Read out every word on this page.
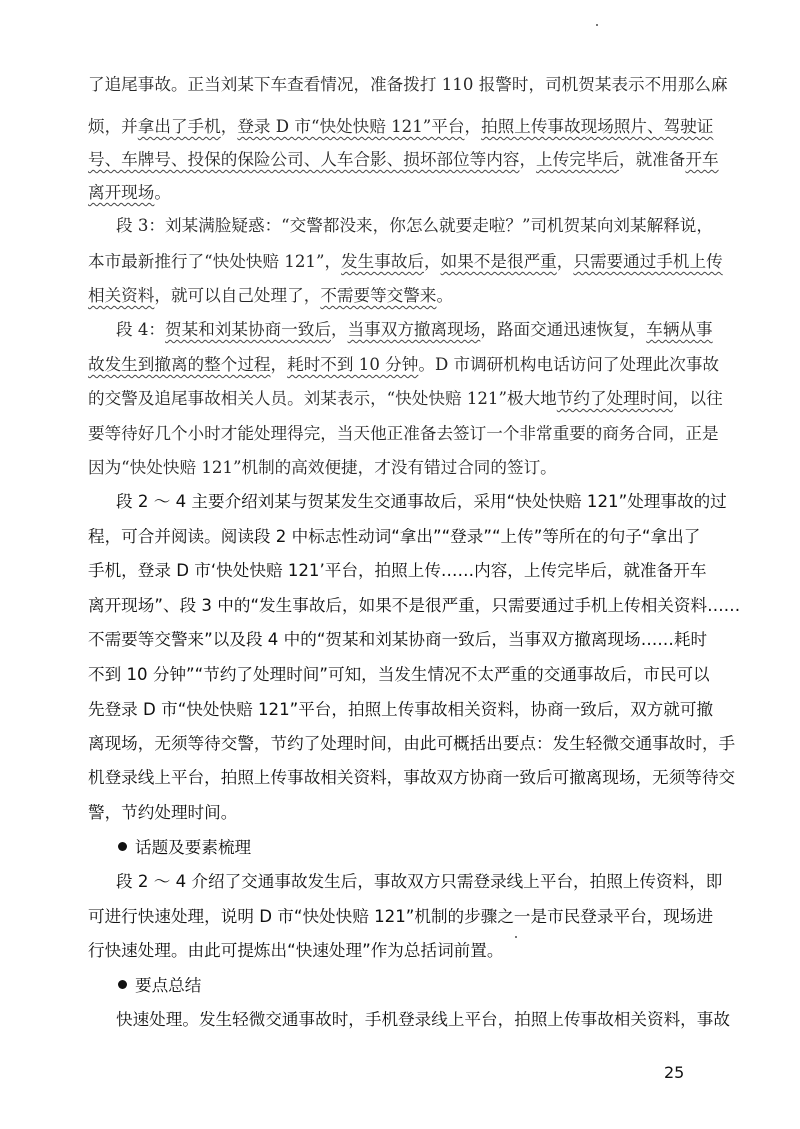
了追尾事故。正当刘某下车查看情况，准备拨打 110 报警时，司机贺某表示不用那么麻
烦，并拿出了手机，登录 D 市“快处快赔 121”平台，拍照上传事故现场照片、驾驶证
号、车牌号、投保的保险公司、人车合影、损坏部位等内容，上传完毕后，就准备开车
离开现场。
段 3：刘某满脸疑惑：“交警都没来，你怎么就要走啦？”司机贺某向刘某解释说，
本市最新推行了“快处快赔 121”，发生事故后，如果不是很严重，只需要通过手机上传
相关资料，就可以自己处理了，不需要等交警来。
段 4：贺某和刘某协商一致后，当事双方撤离现场，路面交通迅速恢复，车辆从事
故发生到撤离的整个过程，耗时不到 10 分钟。D 市调研机构电话访问了处理此次事故
的交警及追尾事故相关人员。刘某表示，“快处快赔 121”极大地节约了处理时间，以往
要等待好几个小时才能处理得完，当天他正准备去签订一个非常重要的商务合同，正是
因为“快处快赔 121”机制的高效便捷，才没有错过合同的签订。
段 2 ～ 4 主要介绍刘某与贺某发生交通事故后，采用“快处快赔 121”处理事故的过
程，可合并阅读。阅读段 2 中标志性动词“拿出”“登录”“上传”等所在的句子“拿出了
手机，登录 D 市‘快处快赔 121’平台，拍照上传……内容，上传完毕后，就准备开车
离开现场”、段 3 中的“发生事故后，如果不是很严重，只需要通过手机上传相关资料……
不需要等交警来”以及段 4 中的“贺某和刘某协商一致后，当事双方撤离现场……耗时
不到 10 分钟”“节约了处理时间”可知，当发生情况不太严重的交通事故后，市民可以
先登录 D 市“快处快赔 121”平台，拍照上传事故相关资料，协商一致后，双方就可撤
离现场，无须等待交警，节约了处理时间，由此可概括出要点：发生轻微交通事故时，手
机登录线上平台，拍照上传事故相关资料，事故双方协商一致后可撤离现场，无须等待交
警，节约处理时间。
话题及要素梳理
段 2 ～ 4 介绍了交通事故发生后，事故双方只需登录线上平台，拍照上传资料，即
可进行快速处理，说明 D 市“快处快赔 121”机制的步骤之一是市民登录平台，现场进
行快速处理。由此可提炼出“快速处理”作为总括词前置。
要点总结
快速处理。发生轻微交通事故时，手机登录线上平台，拍照上传事故相关资料，事故
25
